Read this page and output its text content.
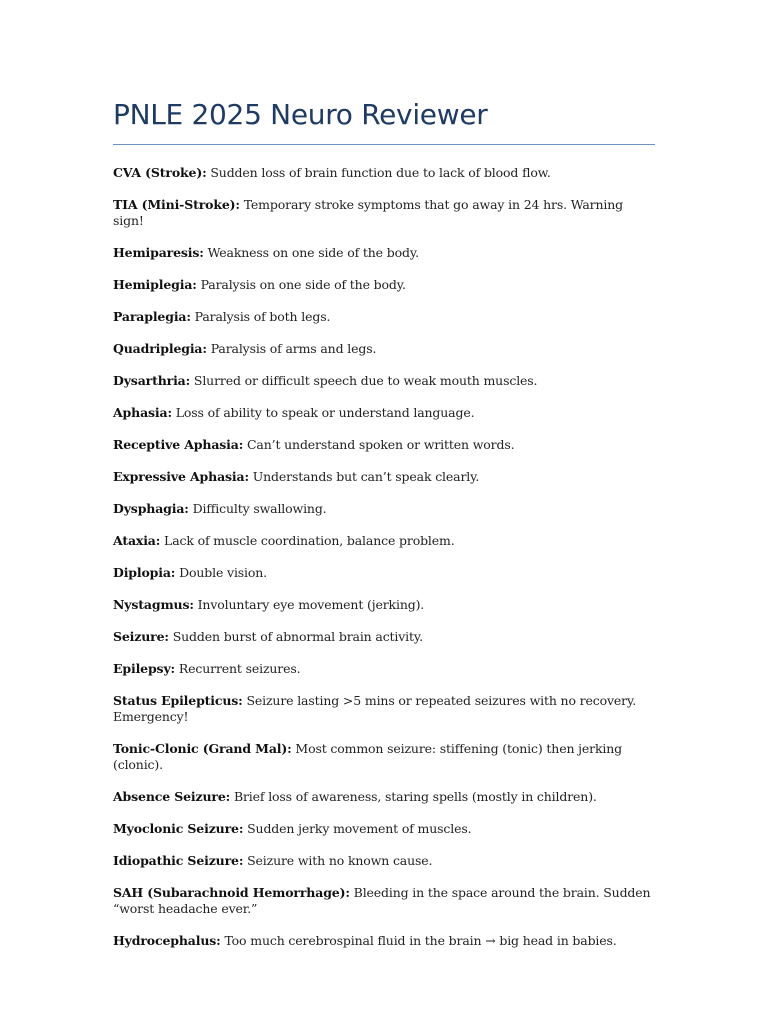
PNLE 2025 Neuro Reviewer

CVA (Stroke): Sudden loss of brain function due to lack of blood flow.

TIA (Mini-Stroke): Temporary stroke symptoms that go away in 24 hrs. Warning sign!

Hemiparesis: Weakness on one side of the body.

Hemiplegia: Paralysis on one side of the body.

Paraplegia: Paralysis of both legs.

Quadriplegia: Paralysis of arms and legs.

Dysarthria: Slurred or difficult speech due to weak mouth muscles.

Aphasia: Loss of ability to speak or understand language.

Receptive Aphasia: Can’t understand spoken or written words.

Expressive Aphasia: Understands but can’t speak clearly.

Dysphagia: Difficulty swallowing.

Ataxia: Lack of muscle coordination, balance problem.

Diplopia: Double vision.

Nystagmus: Involuntary eye movement (jerking).

Seizure: Sudden burst of abnormal brain activity.

Epilepsy: Recurrent seizures.

Status Epilepticus: Seizure lasting >5 mins or repeated seizures with no recovery. Emergency!

Tonic-Clonic (Grand Mal): Most common seizure: stiffening (tonic) then jerking (clonic).

Absence Seizure: Brief loss of awareness, staring spells (mostly in children).

Myoclonic Seizure: Sudden jerky movement of muscles.

Idiopathic Seizure: Seizure with no known cause.

SAH (Subarachnoid Hemorrhage): Bleeding in the space around the brain. Sudden “worst headache ever.”

Hydrocephalus: Too much cerebrospinal fluid in the brain → big head in babies.
